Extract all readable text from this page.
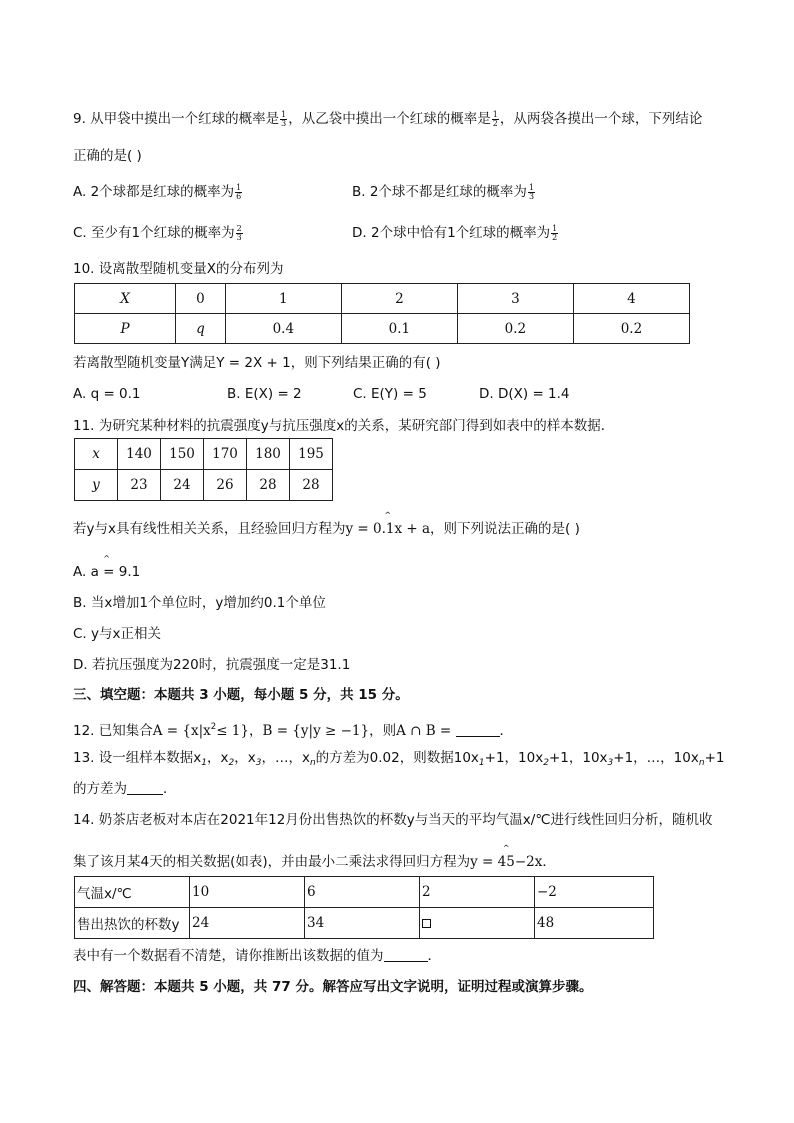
9. 从甲袋中摸出一个红球的概率是 $\frac{1}{3}$ ，从乙袋中摸出一个红球的概率是 $\frac{1}{2}$ ，从两袋各摸出一个球，下列结论
正确的是( )
A. 2个球都是红球的概率为 $\frac{1}{6}$	B. 2个球不都是红球的概率为 $\frac{1}{3}$
C. 至少有1个红球的概率为 $\frac{2}{3}$	D. 2个球中恰有1个红球的概率为 $\frac{1}{2}$
10. 设离散型随机变量X的分布列为
X	0	1	2	3	4
P	q	0.4	0.1	0.2	0.2
若离散型随机变量Y满足Y = 2X + 1，则下列结果正确的有( )
A. q = 0.1	B. E(X) = 2	C. E(Y) = 5	D. D(X) = 1.4
11. 为研究某种材料的抗震强度y与抗压强度x的关系，某研究部门得到如表中的样本数据．
x	140	150	170	180	195
y	23	24	26	28	28
若y与x具有线性相关关系，且经验回归方程为^ y = 0.1x + a，则下列说法正确的是( )
^ A. a = 9.1
B. 当x增加1个单位时，y增加约0.1个单位
C. y与x正相关
D. 若抗压强度为220时，抗震强度一定是31.1
三、填空题：本题共 3 小题，每小题 5 分，共 15 分。
12. 已知集合$A = \{x|x^2\le 1\}$，B = {y|y ≥ −1}，则A ∩ B =	．
13. 设一组样本数据$x_1$，$x_2$，$x_3$，…，$x_n$的方差为0.02，则数据$10x_1+1$，$10x_2+1$，$10x_3+1$，…，$10x_n+1$
的方差为	．
14. 奶茶店老板对本店在2021年12月份出售热饮的杯数y与当天的平均气温x/℃进行线性回归分析，随机收
集了该月某4天的相关数据(如表)，并由最小二乘法求得回归方程为^ y = 45−2x．
气温x/℃	10	6	2	−2
售出热饮的杯数y	24	34		48
表中有一个数据看不清楚，请你推断出该数据的值为	．
四、解答题：本题共 5 小题，共 77 分。解答应写出文字说明，证明过程或演算步骤。
